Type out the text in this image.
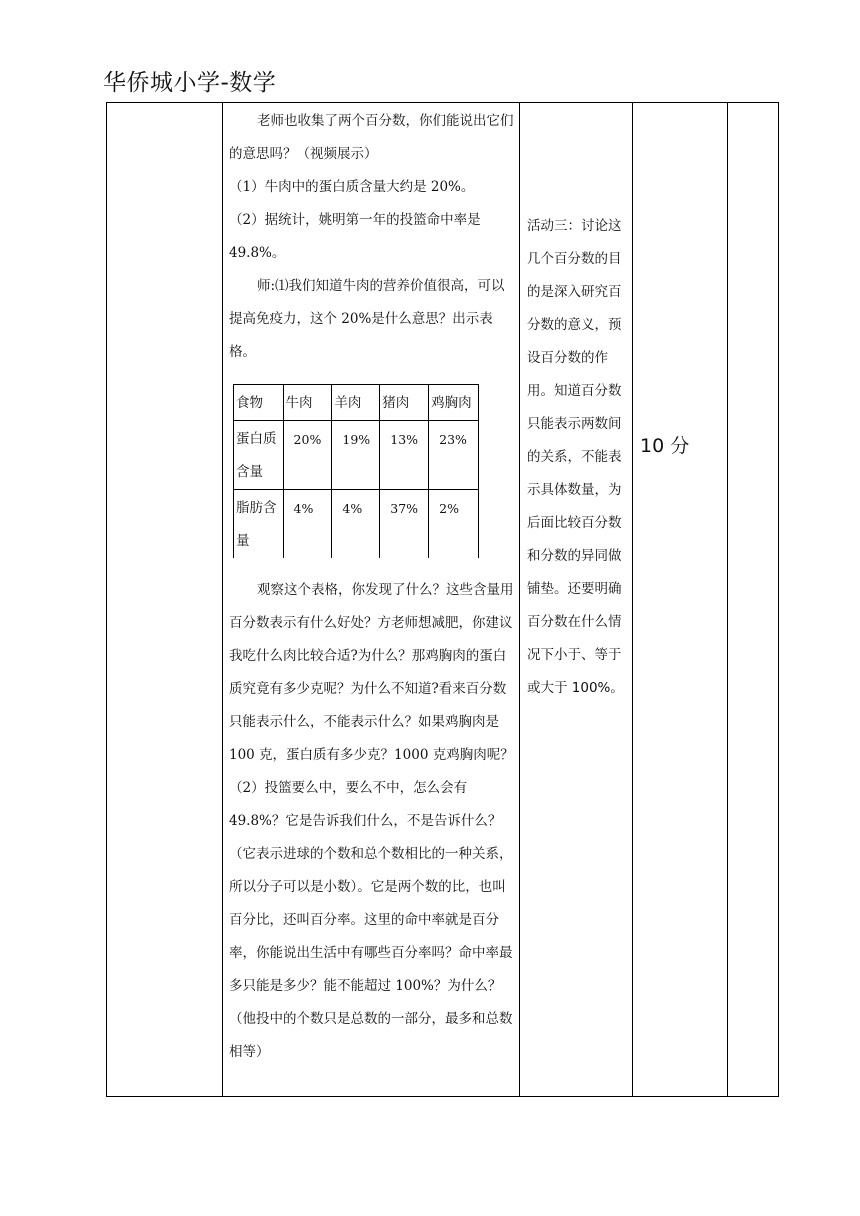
华侨城小学-数学

老师也收集了两个百分数，你们能说出它们的意思吗？（视频展示）

（1）牛肉中的蛋白质含量大约是 20%。

（2）据统计，姚明第一年的投篮命中率是 49.8%。

师:⑴我们知道牛肉的营养价值很高，可以提高免疫力，这个 20%是什么意思？出示表格。

观察这个表格，你发现了什么？这些含量用百分数表示有什么好处？方老师想减肥，你建议我吃什么肉比较合适?为什么？那鸡胸肉的蛋白质究竟有多少克呢？为什么不知道?看来百分数只能表示什么，不能表示什么？如果鸡胸肉是 100 克，蛋白质有多少克？1000 克鸡胸肉呢？

（2）投篮要么中，要么不中，怎么会有 49.8%？它是告诉我们什么，不是告诉什么？（它表示进球的个数和总个数相比的一种关系，所以分子可以是小数）。它是两个数的比，也叫百分比，还叫百分率。这里的命中率就是百分率，你能说出生活中有哪些百分率吗？命中率最多只能是多少？能不能超过 100%？为什么？（他投中的个数只是总数的一部分，最多和总数相等）

食物	牛肉	羊肉	猪肉	鸡胸肉
蛋白质含量	20%	19%	13%	23%
脂肪含量	4%	4%	37%	2%
活动三：讨论这几个百分数的目的是深入研究百分数的意义，预设百分数的作用。知道百分数只能表示两数间的关系，不能表示具体数量，为后面比较百分数和分数的异同做铺垫。还要明确百分数在什么情况下小于、等于或大于 100%。
10 分
